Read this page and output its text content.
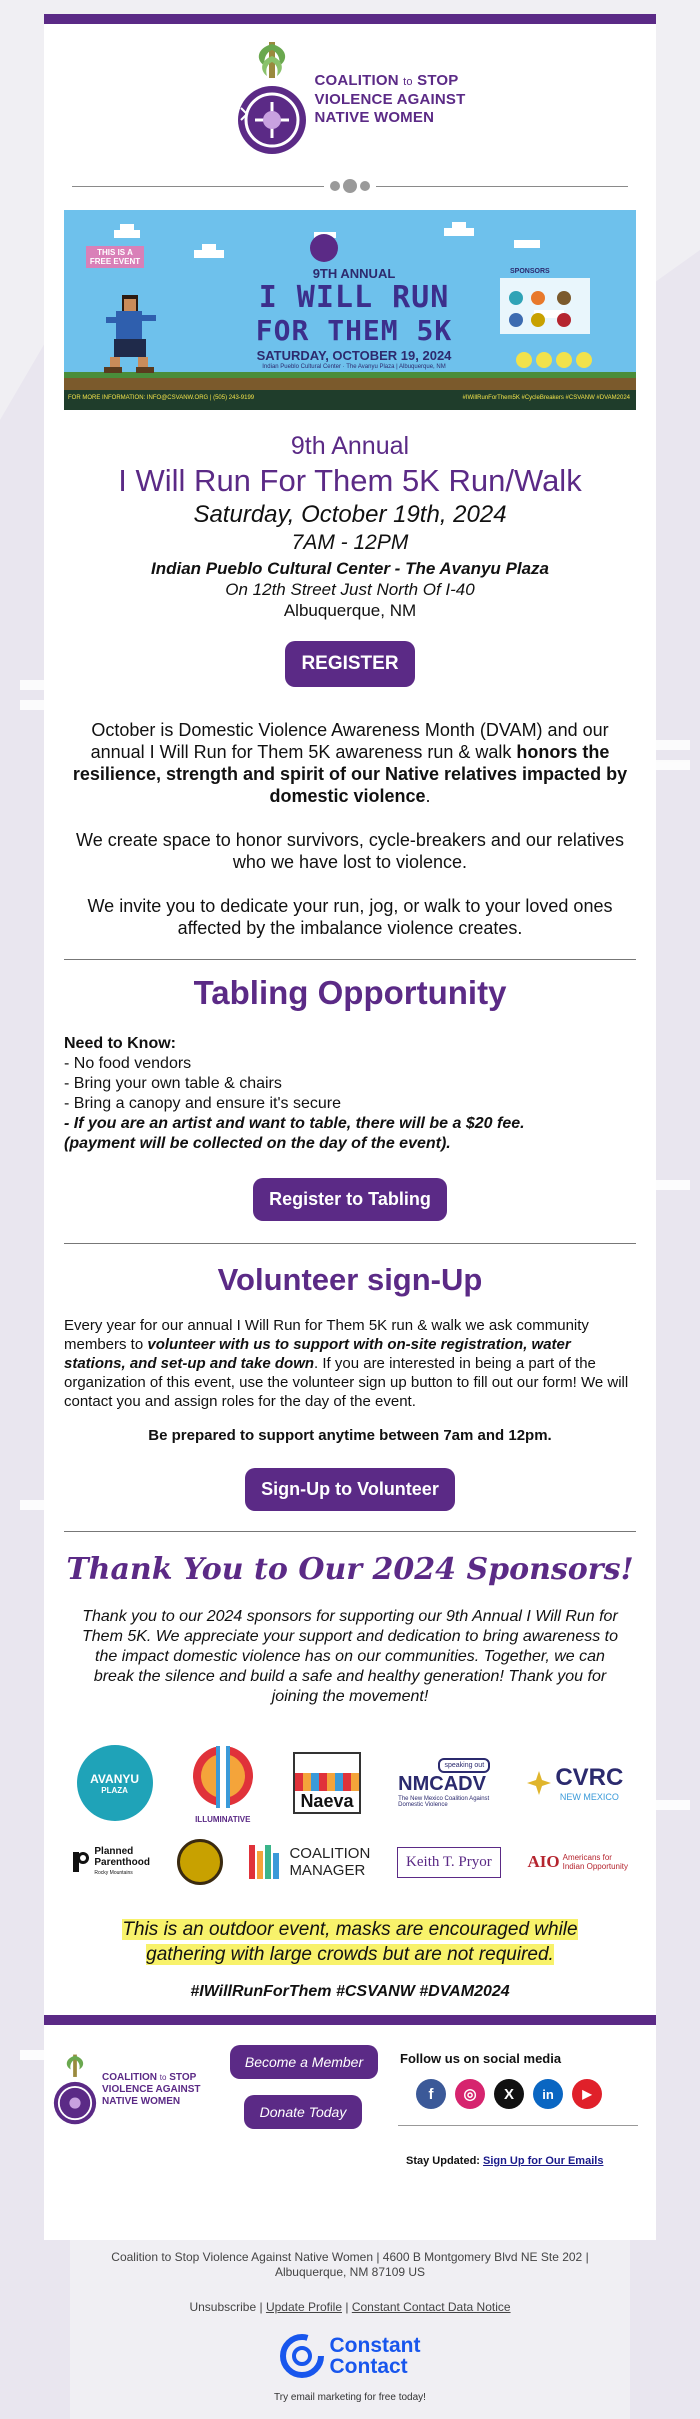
COALITION to STOP
VIOLENCE AGAINST
NATIVE WOMEN
THIS IS A FREE EVENT
9TH ANNUAL
I WILL RUN
FOR THEM 5K
SATURDAY, OCTOBER 19, 2024
Indian Pueblo Cultural Center · The Avanyu Plaza | Albuquerque, NM
SPONSORS
FOR MORE INFORMATION: INFO@CSVANW.ORG | (505) 243-9199	#IWillRunForThem5K #CycleBreakers #CSVANW #DVAM2024
9th Annual
I Will Run For Them 5K Run/Walk
Saturday, October 19th, 2024
7AM - 12PM
Indian Pueblo Cultural Center - The Avanyu Plaza
On 12th Street Just North Of I-40
Albuquerque, NM
REGISTER
October is Domestic Violence Awareness Month (DVAM) and our annual I Will Run for Them 5K awareness run & walk honors the resilience, strength and spirit of our Native relatives impacted by domestic violence.
We create space to honor survivors, cycle-breakers and our relatives who we have lost to violence.
We invite you to dedicate your run, jog, or walk to your loved ones affected by the imbalance violence creates.
Tabling Opportunity
Need to Know:
- No food vendors
- Bring your own table & chairs
- Bring a canopy and ensure it's secure
- If you are an artist and want to table, there will be a $20 fee.
(payment will be collected on the day of the event).
Register to Tabling
Volunteer sign-Up
Every year for our annual I Will Run for Them 5K run & walk we ask community members to volunteer with us to support with on-site registration, water stations, and set-up and take down. If you are interested in being a part of the organization of this event, use the volunteer sign up button to fill out our form! We will contact you and assign roles for the day of the event.
Be prepared to support anytime between 7am and 12pm.
Sign-Up to Volunteer
Thank You to Our 2024 Sponsors!
Thank you to our 2024 sponsors for supporting our 9th Annual I Will Run for Them 5K. We appreciate your support and dedication to bring awareness to the impact domestic violence has on our communities. Together, we can break the silence and build a safe and healthy generation! Thank you for joining the movement!
AVANYU
PLAZA
ILLUMINATIVE
Naeva
speaking out
NMCADV
The New Mexico Coalition Against Domestic Violence
CVRC
NEW MEXICO
Planned
Parenthood
Rocky Mountains
COALITION
MANAGER
Keith T. Pryor	AIO Americans for Indian Opportunity
This is an outdoor event, masks are encouraged while
gathering with large crowds but are not required.
#IWillRunForThem #CSVANW #DVAM2024
COALITION to STOP
VIOLENCE AGAINST
NATIVE WOMEN
Become a Member
Donate Today
Follow us on social media
f	◎	X	in	▶
Stay Updated: Sign Up for Our Emails
Coalition to Stop Violence Against Native Women | 4600 B Montgomery Blvd NE Ste 202 |
Albuquerque, NM 87109 US
Unsubscribe | Update Profile | Constant Contact Data Notice
Constant
Contact
Try email marketing for free today!
